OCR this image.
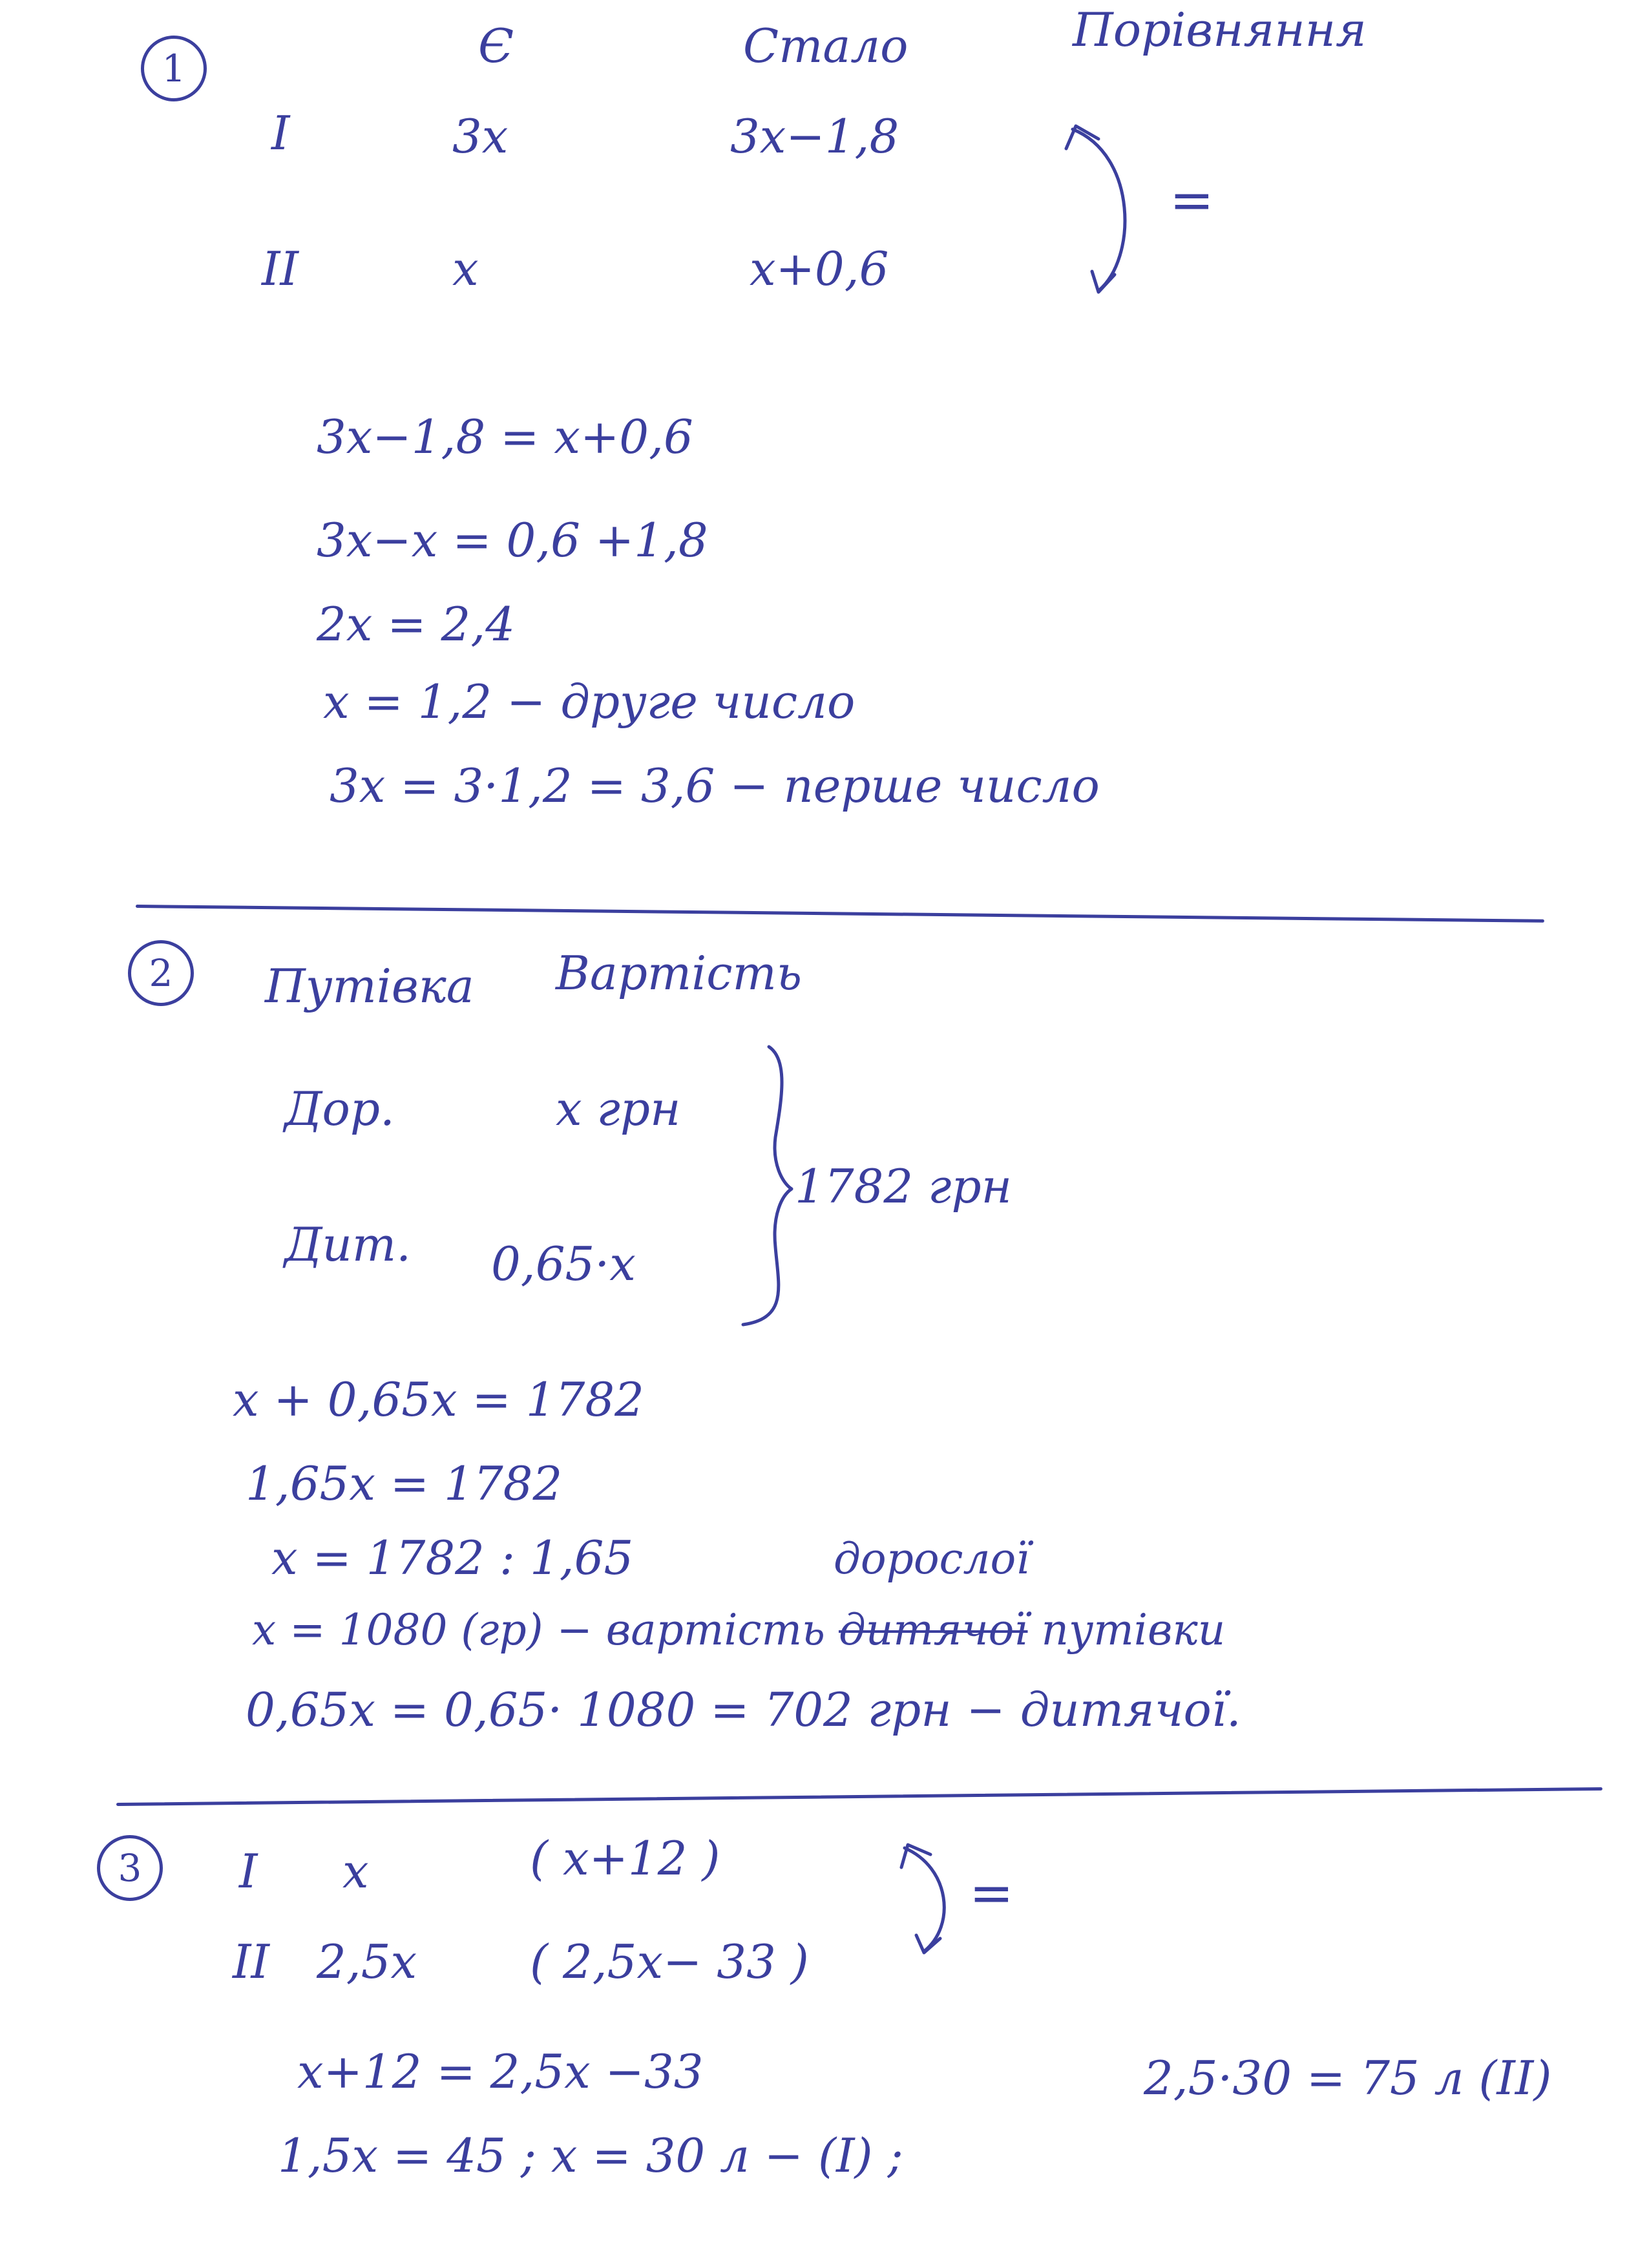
1	Є	Стало	Порівняння
I	3x	3x−1,8
II	x	x+0,6
=
3x−1,8 = x+0,6
3x−x = 0,6 +1,8
2x = 2,4
x = 1,2 − друге число
3x = 3·1,2 = 3,6 − перше число
2	Путівка Вартість
Дор.	x грн
Дит. 0,65·x
1782 грн
x + 0,65x = 1782
1,65x = 1782
x = 1782 : 1,65	дорослої
x = 1080 (гр) − вартість дитячої путівки
0,65x = 0,65· 1080 = 702 грн − дитячої.
3	I x	( x+12 )
II 2,5x ( 2,5x− 33 )
=
x+12 = 2,5x −33
1,5x = 45 ; x = 30 л − (I) ;
2,5·30 = 75 л (II)
